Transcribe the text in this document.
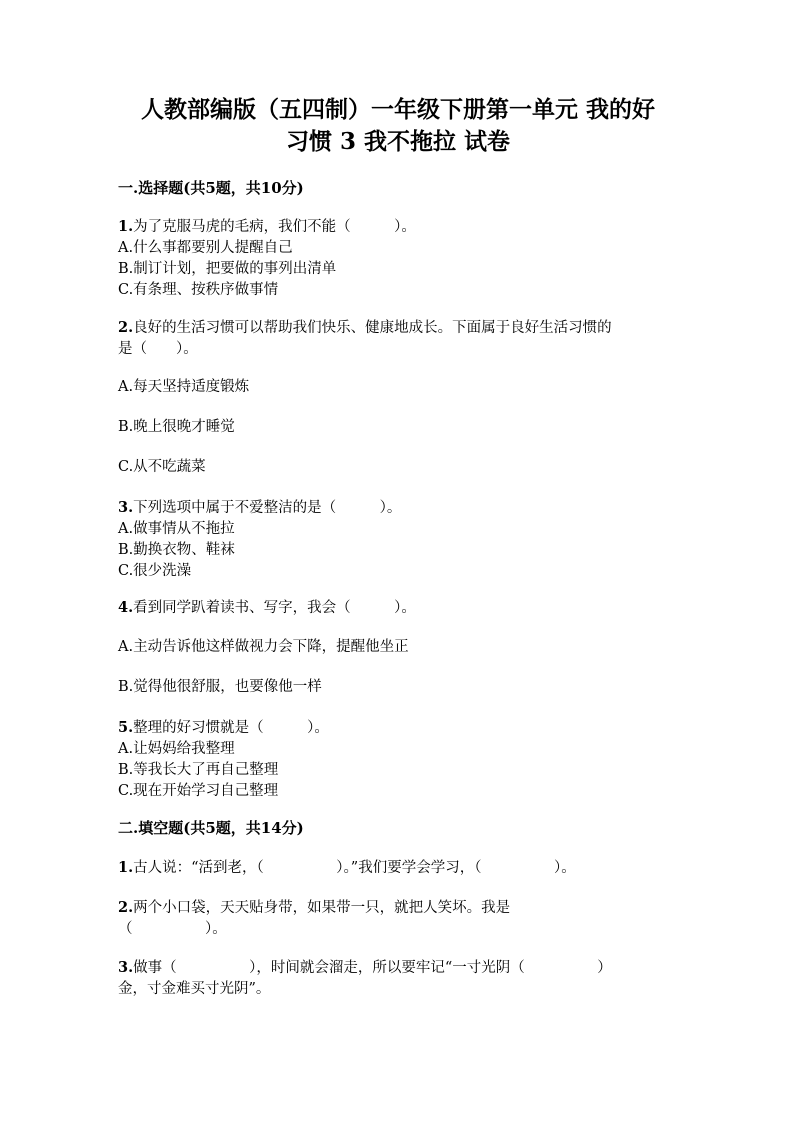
人教部编版（五四制）一年级下册第一单元 我的好
习惯 3 我不拖拉 试卷

一.选择题(共5题，共10分)

1.为了克服马虎的毛病，我们不能（　　　）。

A.什么事都要别人提醒自己

B.制订计划，把要做的事列出清单

C.有条理、按秩序做事情

2.良好的生活习惯可以帮助我们快乐、健康地成长。下面属于良好生活习惯的

是（　　）。

A.每天坚持适度锻炼

B.晚上很晚才睡觉

C.从不吃蔬菜

3.下列选项中属于不爱整洁的是（　　　）。

A.做事情从不拖拉

B.勤换衣物、鞋袜

C.很少洗澡

4.看到同学趴着读书、写字，我会（　　　）。

A.主动告诉他这样做视力会下降，提醒他坐正

B.觉得他很舒服，也要像他一样

5.整理的好习惯就是（　　　）。

A.让妈妈给我整理

B.等我长大了再自己整理

C.现在开始学习自己整理

二.填空题(共5题，共14分)

1.古人说：“活到老，（　　　　　）。”我们要学会学习，（　　　　　）。

2.两个小口袋，天天贴身带，如果带一只，就把人笑坏。我是

（　　　　　）。

3.做事（　　　　　），时间就会溜走，所以要牢记“一寸光阴（　　　　　）

金，寸金难买寸光阴”。
